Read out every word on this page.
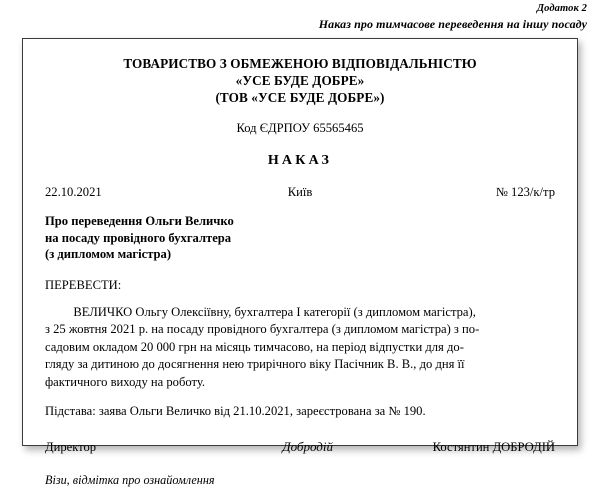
Додаток 2
Наказ про тимчасове переведення на іншу посаду
ТОВАРИСТВО З ОБМЕЖЕНОЮ ВІДПОВІДАЛЬНІСТЮ
«УСЕ БУДЕ ДОБРЕ»
(ТОВ «УСЕ БУДЕ ДОБРЕ»)
Код ЄДРПОУ 65565465
НАКАЗ
22.10.2021	Київ	№ 123/к/тр
Про переведення Ольги Величко
на посаду провідного бухгалтера
(з дипломом магістра)
ПЕРЕВЕСТИ:
ВЕЛИЧКО Ольгу Олексіївну, бухгалтера I категорії (з дипломом магістра),
з 25 жовтня 2021 р. на посаду провідного бухгалтера (з дипломом магістра) з по-
садовим окладом 20 000 грн на місяць тимчасово, на період відпустки для до-
гляду за дитиною до досягнення нею трирічного віку Пасічник В. В., до дня її
фактичного виходу на роботу.
Підстава: заява Ольги Величко від 21.10.2021, зареєстрована за № 190.
Директор	Добродій	Костянтин ДОБРОДІЙ
Візи, відмітка про ознайомлення
